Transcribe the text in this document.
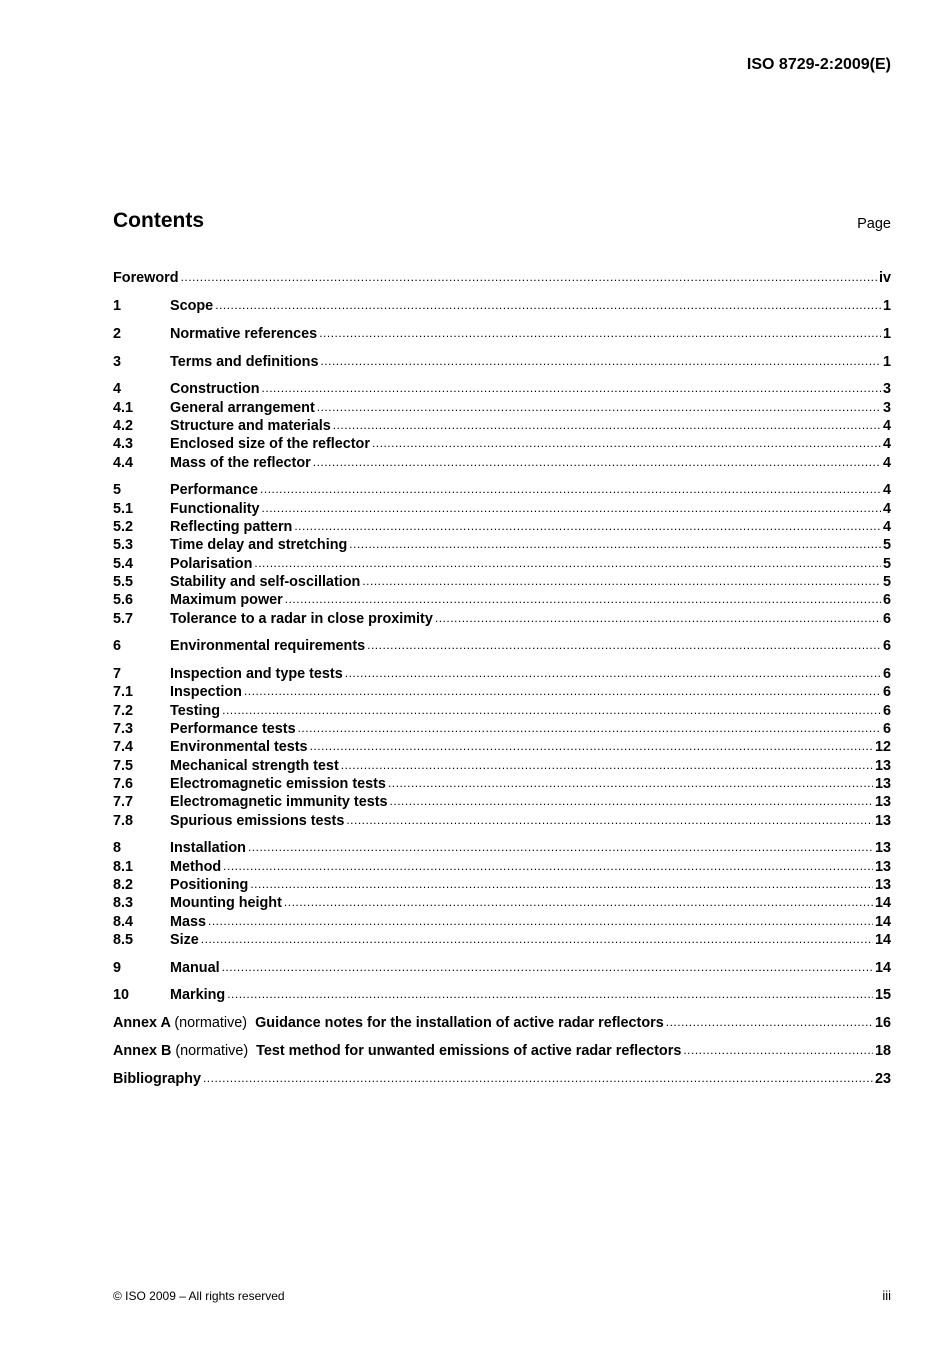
ISO 8729-2:2009(E)
Contents	Page
Foreword .....	iv
1	Scope .....	1
2	Normative references .....	1
3	Terms and definitions .....	1
4	Construction .....	3
4.1	General arrangement .....	3
4.2	Structure and materials .....	4
4.3	Enclosed size of the reflector .....	4
4.4	Mass of the reflector .....	4
5	Performance .....	4
5.1	Functionality .....	4
5.2	Reflecting pattern .....	4
5.3	Time delay and stretching .....	5
5.4	Polarisation .....	5
5.5	Stability and self-oscillation .....	5
5.6	Maximum power .....	6
5.7	Tolerance to a radar in close proximity .....	6
6	Environmental requirements .....	6
7	Inspection and type tests .....	6
7.1	Inspection .....	6
7.2	Testing .....	6
7.3	Performance tests .....	6
7.4	Environmental tests .....	12
7.5	Mechanical strength test .....	13
7.6	Electromagnetic emission tests .....	13
7.7	Electromagnetic immunity tests .....	13
7.8	Spurious emissions tests .....	13
8	Installation .....	13
8.1	Method .....	13
8.2	Positioning .....	13
8.3	Mounting height .....	14
8.4	Mass .....	14
8.5	Size .....	14
9	Manual .....	14
10	Marking .....	15
Annex A (normative) Guidance notes for the installation of active radar reflectors .....	16
Annex B (normative) Test method for unwanted emissions of active radar reflectors .....	18
Bibliography .....	23
© ISO 2009 – All rights reserved	iii
